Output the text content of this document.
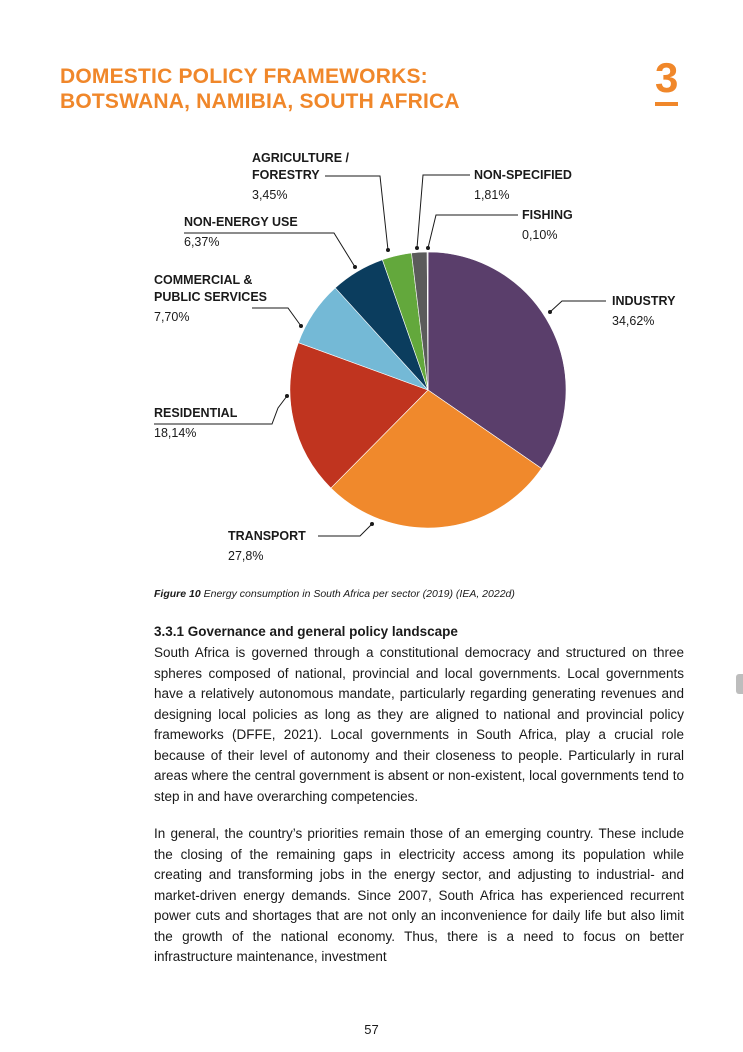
DOMESTIC POLICY FRAMEWORKS:
BOTSWANA, NAMIBIA, SOUTH AFRICA
3
INDUSTRY
34,62%
TRANSPORT
27,8%
RESIDENTIAL
18,14%
COMMERCIAL &
PUBLIC SERVICES
7,70%
NON-ENERGY USE
6,37%
AGRICULTURE /
FORESTRY
3,45%
NON-SPECIFIED
1,81%
FISHING
0,10%
Figure 10 Energy consumption in South Africa per sector (2019) (IEA, 2022d)
3.3.1 Governance and general policy landscape

South Africa is governed through a constitutional democracy and structured on three spheres composed of national, provincial and local governments. Local governments have a relatively autonomous mandate, particularly regarding generating revenues and designing local policies as long as they are aligned to national and provincial policy frameworks (DFFE, 2021). Local governments in South Africa, play a crucial role because of their level of autonomy and their closeness to people. Particularly in rural areas where the central government is absent or non-existent, local governments tend to step in and have overarching competencies.

In general, the country’s priorities remain those of an emerging country. These include the closing of the remaining gaps in electricity access among its population while creating and transforming jobs in the energy sector, and adjusting to industrial- and market-driven energy demands. Since 2007, South Africa has experienced recurrent power cuts and shortages that are not only an inconvenience for daily life but also limit the growth of the national economy. Thus, there is a need to focus on better infrastructure maintenance, investment

57
